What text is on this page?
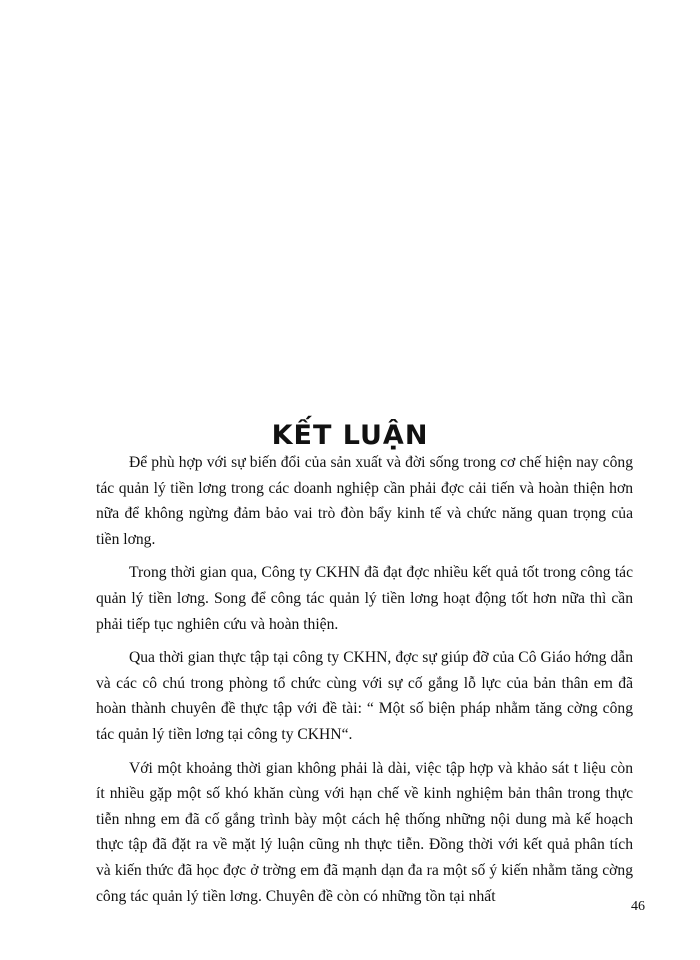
KẾT LUẬN

Để phù hợp với sự biến đổi của sản xuất và đời sống trong cơ chế hiện nay công tác quản lý tiền lơng trong các doanh nghiệp cần phải đợc cải tiến và hoàn thiện hơn nữa để không ngừng đảm bảo vai trò đòn bẩy kinh tế và chức năng quan trọng của tiền lơng.

Trong thời gian qua, Công ty CKHN đã đạt đợc nhiều kết quả tốt trong công tác quản lý tiền lơng. Song để công tác quản lý tiền lơng hoạt động tốt hơn nữa thì cần phải tiếp tục nghiên cứu và hoàn thiện.

Qua thời gian thực tập tại công ty CKHN, đợc sự giúp đỡ của Cô Giáo hớng dẫn và các cô chú trong phòng tổ chức cùng với sự cố gắng lỗ lực của bản thân em đã hoàn thành chuyên đề thực tập với đề tài: “ Một số biện pháp nhằm tăng cờng công tác quản lý tiền lơng tại công ty CKHN“.

Với một khoảng thời gian không phải là dài, việc tập hợp và khảo sát t liệu còn ít nhiều gặp một số khó khăn cùng với hạn chế về kinh nghiệm bản thân trong thực tiễn nhng em đã cố gắng trình bày một cách hệ thống những nội dung mà kế hoạch thực tập đã đặt ra về mặt lý luận cũng nh thực tiễn. Đồng thời với kết quả phân tích và kiến thức đã học đợc ở trờng em đã mạnh dạn đa ra một số ý kiến nhằm tăng cờng công tác quản lý tiền lơng. Chuyên đề còn có những tồn tại nhất

46
